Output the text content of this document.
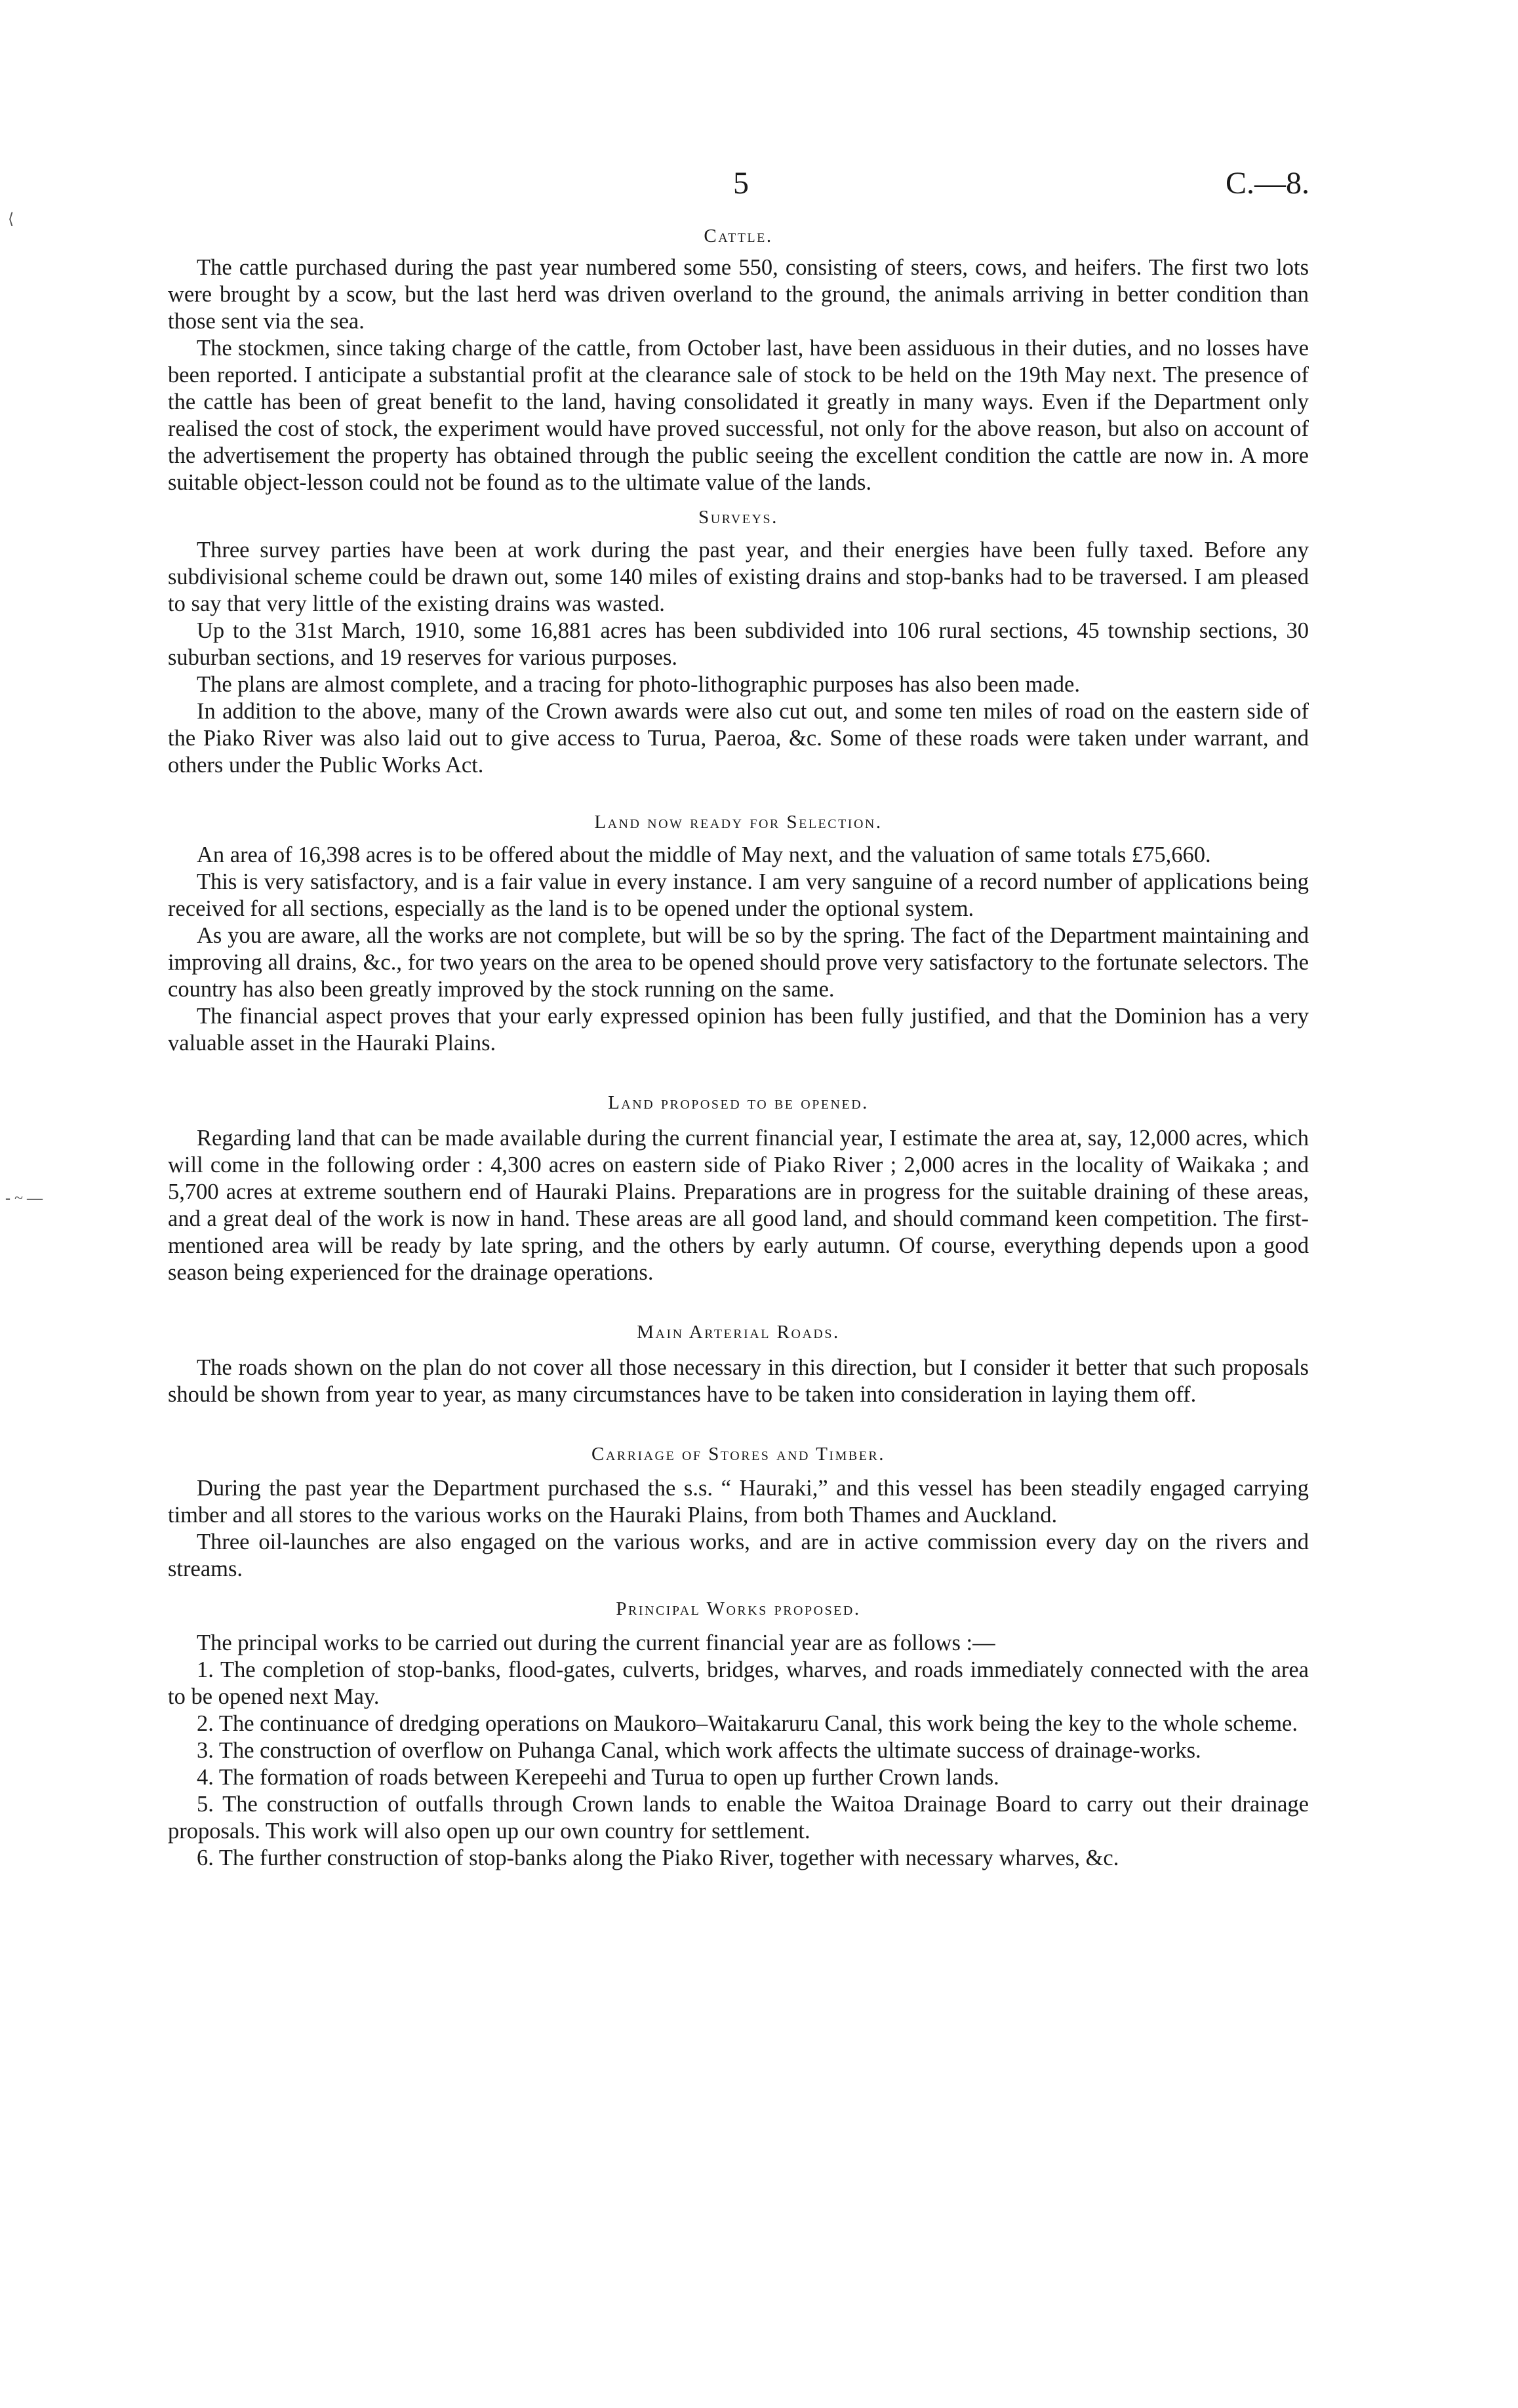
5	C.—8.
⟨
- ~ —
Cattle.

The cattle purchased during the past year numbered some 550, consisting of steers, cows, and heifers. The first two lots were brought by a scow, but the last herd was driven overland to the ground, the animals arriving in better condition than those sent via the sea.

The stockmen, since taking charge of the cattle, from October last, have been assiduous in their duties, and no losses have been reported. I anticipate a substantial profit at the clearance sale of stock to be held on the 19th May next. The presence of the cattle has been of great benefit to the land, having consolidated it greatly in many ways. Even if the Department only realised the cost of stock, the experiment would have proved successful, not only for the above reason, but also on account of the advertisement the property has obtained through the public seeing the excellent condition the cattle are now in. A more suitable object-lesson could not be found as to the ultimate value of the lands.

Surveys.

Three survey parties have been at work during the past year, and their energies have been fully taxed. Before any subdivisional scheme could be drawn out, some 140 miles of existing drains and stop-banks had to be traversed. I am pleased to say that very little of the existing drains was wasted.

Up to the 31st March, 1910, some 16,881 acres has been subdivided into 106 rural sections, 45 township sections, 30 suburban sections, and 19 reserves for various purposes.

The plans are almost complete, and a tracing for photo-lithographic purposes has also been made.

In addition to the above, many of the Crown awards were also cut out, and some ten miles of road on the eastern side of the Piako River was also laid out to give access to Turua, Paeroa, &c. Some of these roads were taken under warrant, and others under the Public Works Act.

Land now ready for Selection.

An area of 16,398 acres is to be offered about the middle of May next, and the valuation of same totals £75,660.

This is very satisfactory, and is a fair value in every instance. I am very sanguine of a record number of applications being received for all sections, especially as the land is to be opened under the optional system.

As you are aware, all the works are not complete, but will be so by the spring. The fact of the Department maintaining and improving all drains, &c., for two years on the area to be opened should prove very satisfactory to the fortunate selectors. The country has also been greatly improved by the stock running on the same.

The financial aspect proves that your early expressed opinion has been fully justified, and that the Dominion has a very valuable asset in the Hauraki Plains.

Land proposed to be opened.

Regarding land that can be made available during the current financial year, I estimate the area at, say, 12,000 acres, which will come in the following order : 4,300 acres on eastern side of Piako River ; 2,000 acres in the locality of Waikaka ; and 5,700 acres at extreme southern end of Hauraki Plains. Preparations are in progress for the suitable draining of these areas, and a great deal of the work is now in hand. These areas are all good land, and should command keen competition. The first-mentioned area will be ready by late spring, and the others by early autumn. Of course, everything depends upon a good season being experienced for the drainage operations.

Main Arterial Roads.

The roads shown on the plan do not cover all those necessary in this direction, but I consider it better that such proposals should be shown from year to year, as many circumstances have to be taken into consideration in laying them off.

Carriage of Stores and Timber.

During the past year the Department purchased the s.s. “ Hauraki,” and this vessel has been steadily engaged carrying timber and all stores to the various works on the Hauraki Plains, from both Thames and Auckland.

Three oil-launches are also engaged on the various works, and are in active commission every day on the rivers and streams.

Principal Works proposed.

The principal works to be carried out during the current financial year are as follows :—

1. The completion of stop-banks, flood-gates, culverts, bridges, wharves, and roads immediately connected with the area to be opened next May.

2. The continuance of dredging operations on Maukoro–Waitakaruru Canal, this work being the key to the whole scheme.

3. The construction of overflow on Puhanga Canal, which work affects the ultimate success of drainage-works.

4. The formation of roads between Kerepeehi and Turua to open up further Crown lands.

5. The construction of outfalls through Crown lands to enable the Waitoa Drainage Board to carry out their drainage proposals. This work will also open up our own country for settlement.

6. The further construction of stop-banks along the Piako River, together with necessary wharves, &c.
